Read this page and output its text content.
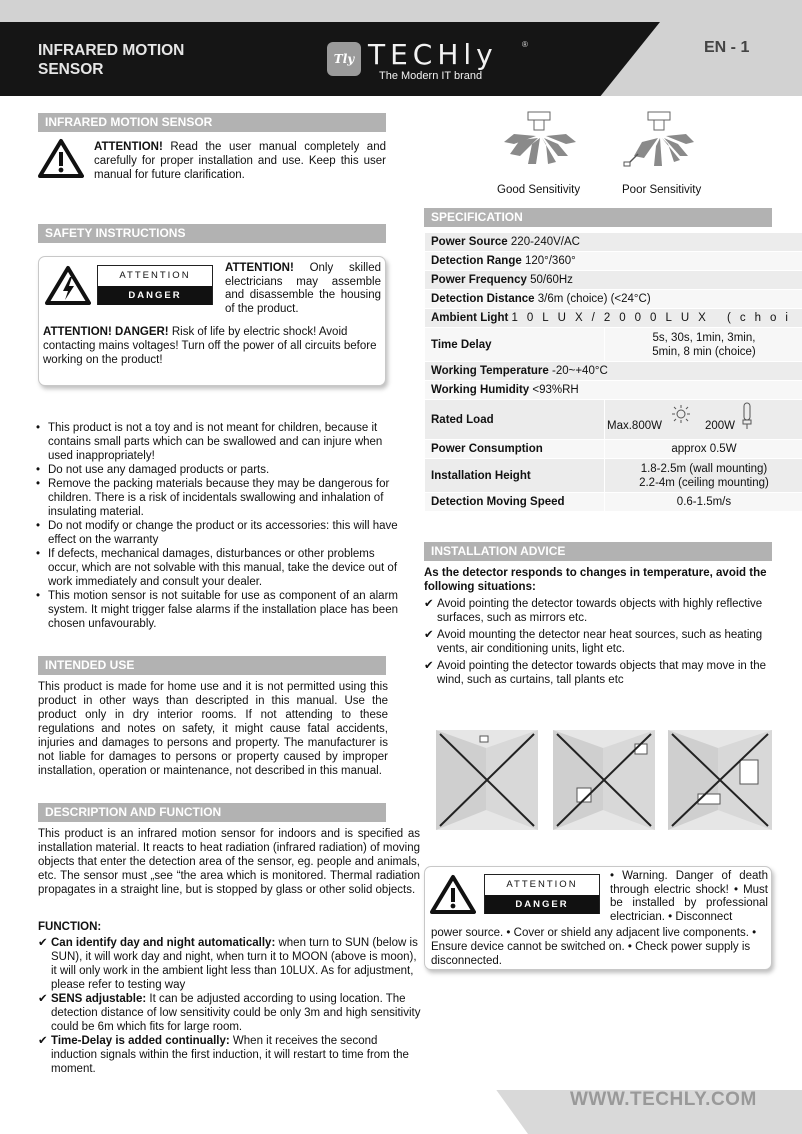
INFRARED MOTION
SENSOR
Tly TECHly	®
The Modern IT brand
EN - 1
INFRARED MOTION SENSOR
ATTENTION! Read the user manual completely and carefully for proper installation and use. Keep this user manual for future clarification.
Good Sensitivity	Poor Sensitivity
SAFETY INSTRUCTIONS
ATTENTION
DANGER
ATTENTION! Only skilled electricians may assemble and disassemble the housing of the product.
ATTENTION! DANGER! Risk of life by electric shock! Avoid contacting mains voltages! Turn off the power of all circuits before working on the product!
• This product is not a toy and is not meant for children, because it contains small parts which can be swallowed and can injure when used inappropriately!
• Do not use any damaged products or parts.
• Remove the packing materials because they may be dangerous for children. There is a risk of incidentals swallowing and inhalation of insulating material.
• Do not modify or change the product or its accessories: this will have effect on the warranty
• If defects, mechanical damages, disturbances or other problems occur, which are not solvable with this manual, take the device out of work immediately and consult your dealer.
• This motion sensor is not suitable for use as component of an alarm system. It might trigger false alarms if the installation place has been chosen unfavourably.
INTENDED USE
This product is made for home use and it is not permitted using this product in other ways than descripted in this manual. Use the product only in dry interior rooms. If not attending to these regulations and notes on safety, it might cause fatal accidents, injuries and damages to persons and property. The manufacturer is not liable for damages to persons or property caused by improper installation, operation or maintenance, not described in this manual.
DESCRIPTION AND FUNCTION
This product is an infrared motion sensor for indoors and is specified as installation material. It reacts to heat radiation (infrared radiation) of moving objects that enter the detection area of the sensor, eg. people and animals, etc. The sensor must „see “the area which is monitored. Thermal radiation propagates in a straight line, but is stopped by glass or other solid objects.
FUNCTION:
✔ Can identify day and night automatically: when turn to SUN (below is SUN), it will work day and night, when turn it to MOON (above is moon), it will only work in the ambient light less than 10LUX. As for adjustment, please refer to testing way
✔ SENS adjustable: It can be adjusted according to using location. The detection distance of low sensitivity could be only 3m and high sensitivity could be 6m which fits for large room.
✔ Time-Delay is added continually: When it receives the second induction signals within the first induction, it will restart to time from the moment.
SPECIFICATION
Power Source 220-240V/AC	
Detection Range 120°/360°	
Power Frequency 50/60Hz	
Detection Distance 3/6m (choice) (<24°C)	
Ambient Light 10LUX/2000LUX (choi	
Time Delay	5s, 30s, 1min, 3min,
5min, 8 min (choice)

Working Temperature -20~+40°C	
Working Humidity <93%RH	
Rated Load	Max.800W 200W

Power Consumption	approx 0.5W
Installation Height	1.8-2.5m (wall mounting)
2.2-4m (ceiling mounting)

Detection Moving Speed	0.6-1.5m/s
INSTALLATION ADVICE
As the detector responds to changes in temperature, avoid the following situations:
✔ Avoid pointing the detector towards objects with highly reflective surfaces, such as mirrors etc.
✔ Avoid mounting the detector near heat sources, such as heating vents, air conditioning units, light etc.
✔ Avoid pointing the detector towards objects that may move in the wind, such as curtains, tall plants etc
ATTENTION
DANGER
• Warning. Danger of death through electric shock! • Must be installed by professional electrician. • Disconnect
power source. • Cover or shield any adjacent live components. • Ensure device cannot be switched on. • Check power supply is disconnected.
WWW.TECHLY.COM
